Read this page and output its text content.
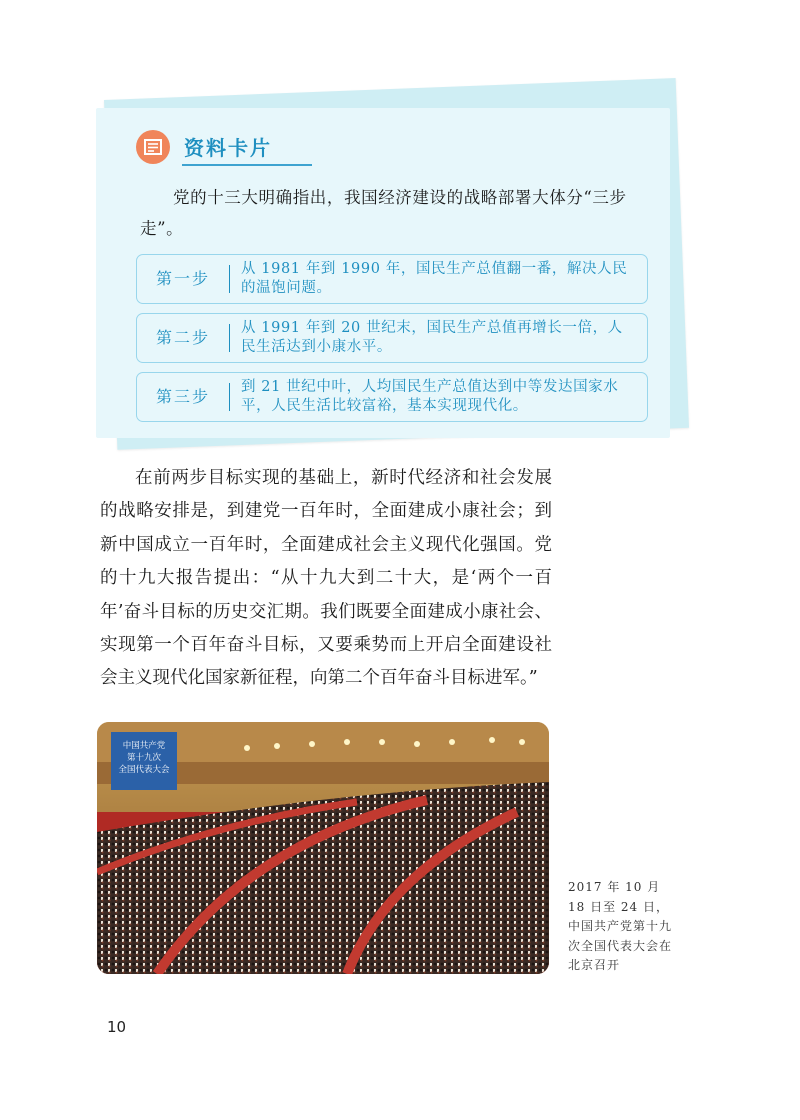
资料卡片
党的十三大明确指出，我国经济建设的战略部署大体分“三步走”。
第一步	从 1981 年到 1990 年，国民生产总值翻一番，解决人民的温饱问题。
第二步	从 1991 年到 20 世纪末，国民生产总值再增长一倍，人民生活达到小康水平。
第三步	到 21 世纪中叶，人均国民生产总值达到中等发达国家水平，人民生活比较富裕，基本实现现代化。
在前两步目标实现的基础上，新时代经济和社会发展的战略安排是，到建党一百年时，全面建成小康社会；到新中国成立一百年时，全面建成社会主义现代化强国。党的十九大报告提出：“从十九大到二十大，是‘两个一百年’奋斗目标的历史交汇期。我们既要全面建成小康社会、实现第一个百年奋斗目标，又要乘势而上开启全面建设社会主义现代化国家新征程，向第二个百年奋斗目标进军。”
中国共产党
第十九次
全国代表大会
2017 年 10 月 18 日至 24 日，中国共产党第十九次全国代表大会在北京召开
10
